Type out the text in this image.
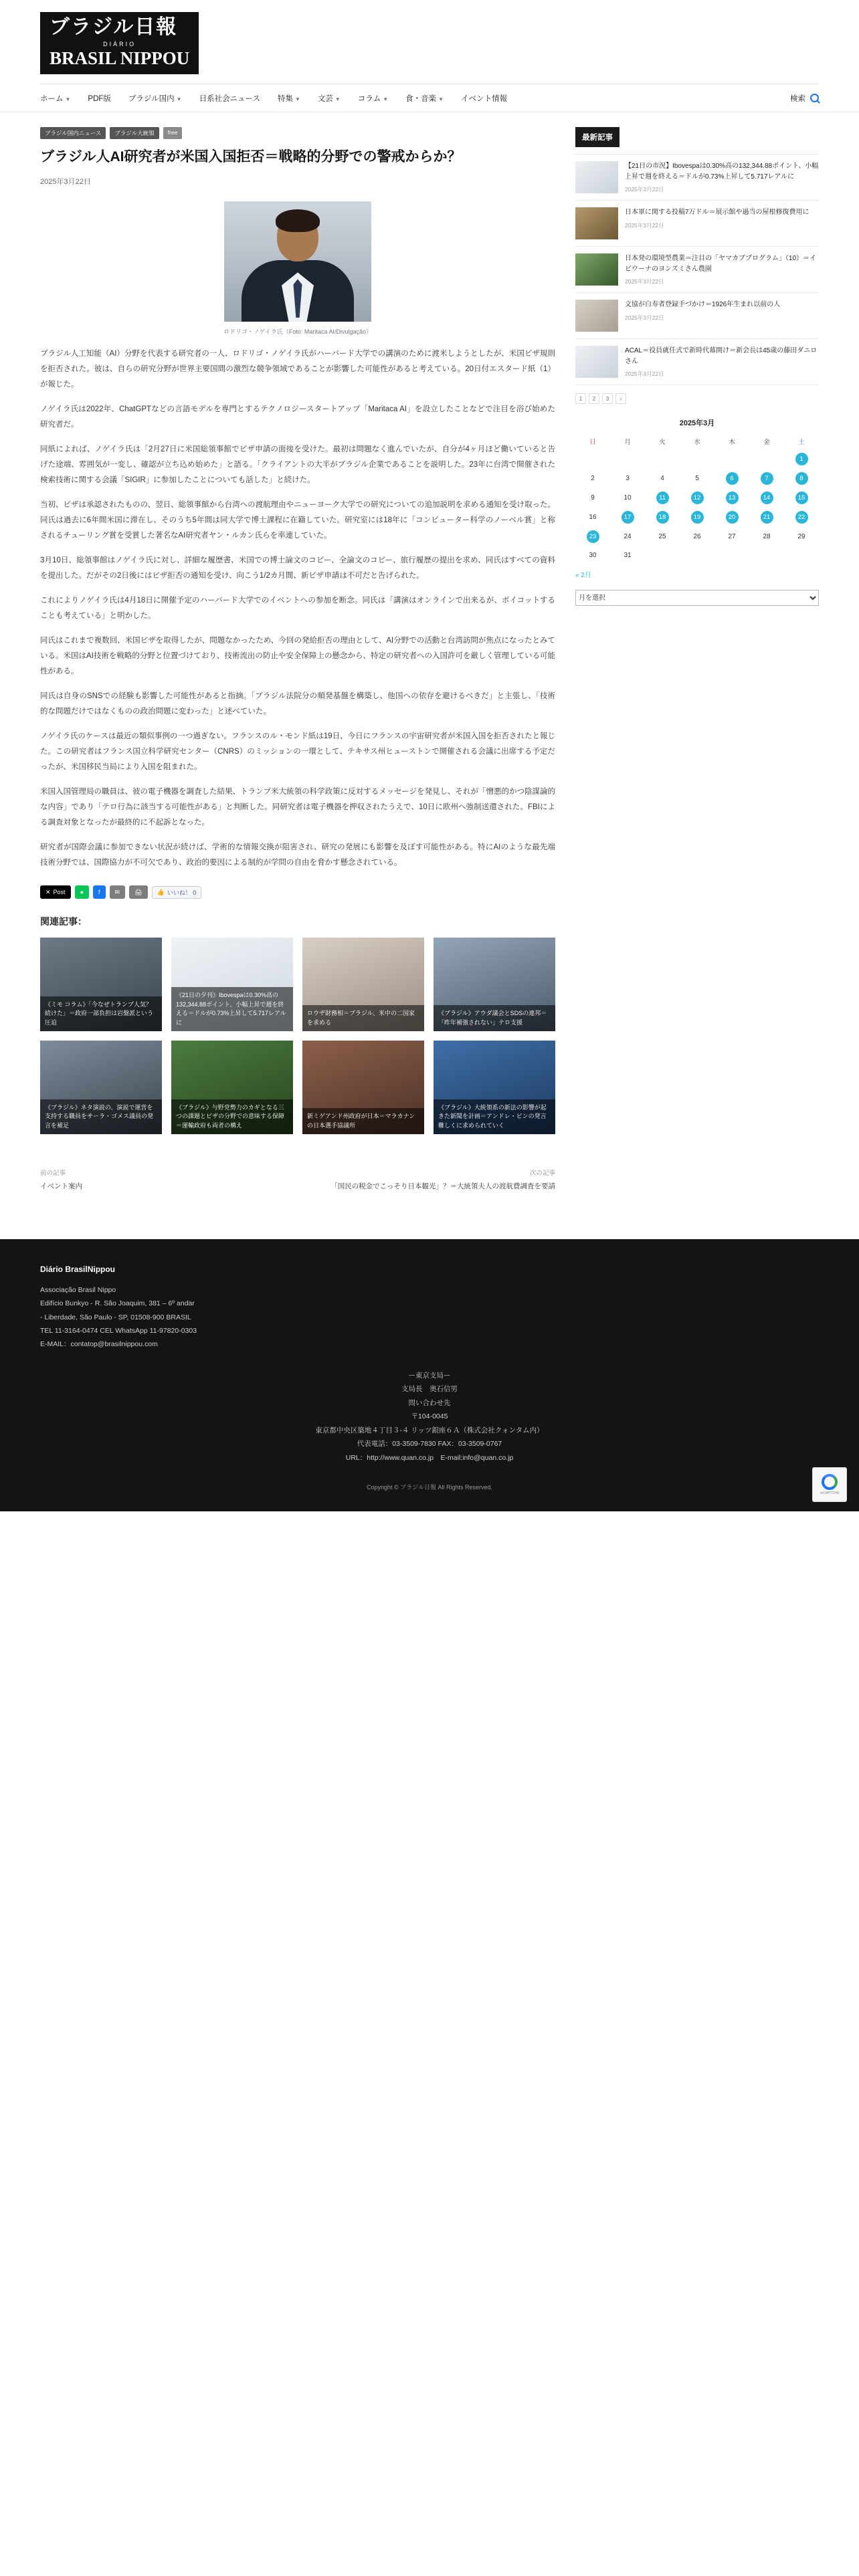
ブラジル日報
DIÁRIO
BRASIL NIPPOU
ホーム ▼ PDF版 ブラジル国内 ▼ 日系社会ニュース 特集 ▼ 文芸 ▼ コラム ▼ 食・音楽 ▼ イベント情報	検索
ブラジル国内ニュース	ブラジル大統領	free
ブラジル人AI研究者が米国入国拒否＝戦略的分野での警戒からか？
2025年3月22日
ロドリゴ・ノゲイラ氏（Foto: Maritaca AI/Divulgação）

ブラジル人工知能（AI）分野を代表する研究者の一人、ロドリゴ・ノゲイラ氏がハーバード大学での講演のために渡米しようとしたが、米国ビザ規則を拒否された。彼は、自らの研究分野が世界主要国間の激烈な競争領域であることが影響した可能性があると考えている。20日付エスタード紙（1）が報じた。

ノゲイラ氏は2022年、ChatGPTなどの言語モデルを専門とするテクノロジースタートアップ「Maritaca AI」を設立したことなどで注目を浴び始めた研究者だ。

同紙によれば、ノゲイラ氏は「2月27日に米国総領事館でビザ申請の面接を受けた。最初は問題なく進んでいたが、自分が4ヶ月ほど働いていると告げた途端、雰囲気が一変し、確認が立ち込め始めた」と語る。「クライアントの大半がブラジル企業であることを説明した。23年に台湾で開催された検索技術に関する会議「SIGIR」に参加したことについても話した」と続けた。

当初、ビザは承認されたものの、翌日、総領事館から台湾への渡航理由やニューヨーク大学での研究についての追加説明を求める通知を受け取った。同氏は過去に6年間米国に滞在し、そのうち5年間は同大学で博士課程に在籍していた。研究室には18年に「コンピューター科学のノーベル賞」と称されるチューリング賞を受賞した著名なAI研究者ヤン・ルカン氏らを率連していた。

3月10日、総領事館はノゲイラ氏に対し、詳細な履歴書、米国での博士論文のコピー、全論文のコピー、旅行履歴の提出を求め、同氏はすべての資料を提出した。だがその2日後にはビザ拒否の通知を受け、向こう1/2カ月間、新ビザ申請は不可だと告げられた。

これによりノゲイラ氏は4月18日に開催予定のハーバード大学でのイベントへの参加を断念。同氏は「講演はオンラインで出来るが、ボイコットすることも考えている」と明かした。

同氏はこれまで複数回、米国ビザを取得したが、問題なかったため、今回の発給拒否の理由として、AI分野での活動と台湾訪問が焦点になったとみている。米国はAI技術を戦略的分野と位置づけており、技術流出の防止や安全保障上の懸念から、特定の研究者への入国許可を厳しく管理している可能性がある。

同氏は自身のSNSでの経験も影響した可能性があると指摘。「ブラジル法院分の順発基盤を構築し、他国への依存を避けるべきだ」と主張し、「技術的な問題だけではなくものの政治問題に変わった」と述べていた。

ノゲイラ氏のケースは最近の類似事例の一つ過ぎない。フランスのル・モンド紙は19日、今日にフランスの宇宙研究者が米国入国を拒否されたと報じた。この研究者はフランス国立科学研究センター（CNRS）のミッションの一環として、テキサス州ヒューストンで開催される会議に出席する予定だったが、米国移民当局により入国を阻まれた。

米国入国管理局の職員は、彼の電子機器を調査した結果、トランプ米大統領の科学政策に反対するメッセージを発見し、それが「憎悪的かつ陰謀論的な内容」であり「テロ行為に該当する可能性がある」と判断した。同研究者は電子機器を押収されたうえで、10日に欧州へ強制送還された。FBIによる調査対象となったが最終的に不起訴となった。

研究者が国際会議に参加できない状況が続けば、学術的な情報交換が阻害され、研究の発展にも影響を及ぼす可能性がある。特にAIのような最先端技術分野では、国際協力が不可欠であり、政治的要因による制約が学問の自由を脅かす懸念されている。

✕ Post ● f ✉ 🖨 👍 いいね！ 0
関連記事：
《ミモ コラム》「今なぜトランプ人気？続けた」＝政府一部負担は岩盤派という圧迫
《21日の夕刊》Ibovespaは0.30%高の132,344.88ポイント、小幅上昇で週を終える＝ドルが0.73%上昇して5.717レアルに
ロウザ財務相＝ブラジル、米中の二国家を求める
《ブラジル》アウダ議会とSDSの連邦＝「昨年補強されない」テロ支援
《ブラジル》ネタ演説の、演説で運営を支持する職員をサーラ・ゴメス議員の発言を補足
《ブラジル》与野党勢力のカギとなる三つの課題とビザの分野での意味する保障＝運輸政府も両者の構え
新ミゲアンド州政府が日本＝マラカナンの日本選手協議所
《ブラジル》大統領系の新法の影響が起きた新聞を計画＝アンドレ・ビンの発言難しくに求められていく
前の記事
イベント案内
次の記事
「国民の税金でこっそり日本観光」？＝大統領夫人の渡航費調査を要請
最新記事
【21日の市況】Ibovespaは0.30%高の132,344.88ポイント、小幅上昇で週を終える＝ドルが0.73%上昇して5.717レアルに
2025年3月22日
日本軍に関する投稿7万ドル＝展示館や過当の屋根修復費用に
2025年3月22日
日本発の環境型農業＝注目の「ヤマカブプログラム」（10）＝イビウーナのヨンズミさん農園
2025年3月22日
文協が白寿者登録手づかけ＝1926年生まれ以前の人
2025年3月22日
ACAL＝役員就任式で新時代幕開け＝新会長は45歳の藤田ダニロさん
2025年3月22日
1	2	3	›
2025年3月
日	月	火	水	木	金	土
						1
2	3	4	5	6	7	8
9	10	11	12	13	14	15
16	17	18	19	20	21	22
23	24	25	26	27	28	29
30	31					
« 2月
月を選択
Diário BrasilNippou
Associação Brasil Nippo
Edifício Bunkyo - R. São Joaquim, 381 – 6º andar
- Liberdade, São Paulo - SP, 01508-900 BRASIL
TEL 11-3164-0474 CEL WhatsApp 11-97820-0303
E-MAIL：contatop@brasilnippou.com
ー東京支局ー
支局長　奥石信男
問い合わせ先
〒104-0045
東京都中央区築地４丁目３‐４ リッツ銀座６Ａ（株式会社クォンタム内）
代表電話：03-3509-7830 FAX：03-3509-0767
URL：http://www.quan.co.jp　E-mail:info@quan.co.jp
Copyright © ブラジル日報 All Rights Reserved.
reCAPTCHA
